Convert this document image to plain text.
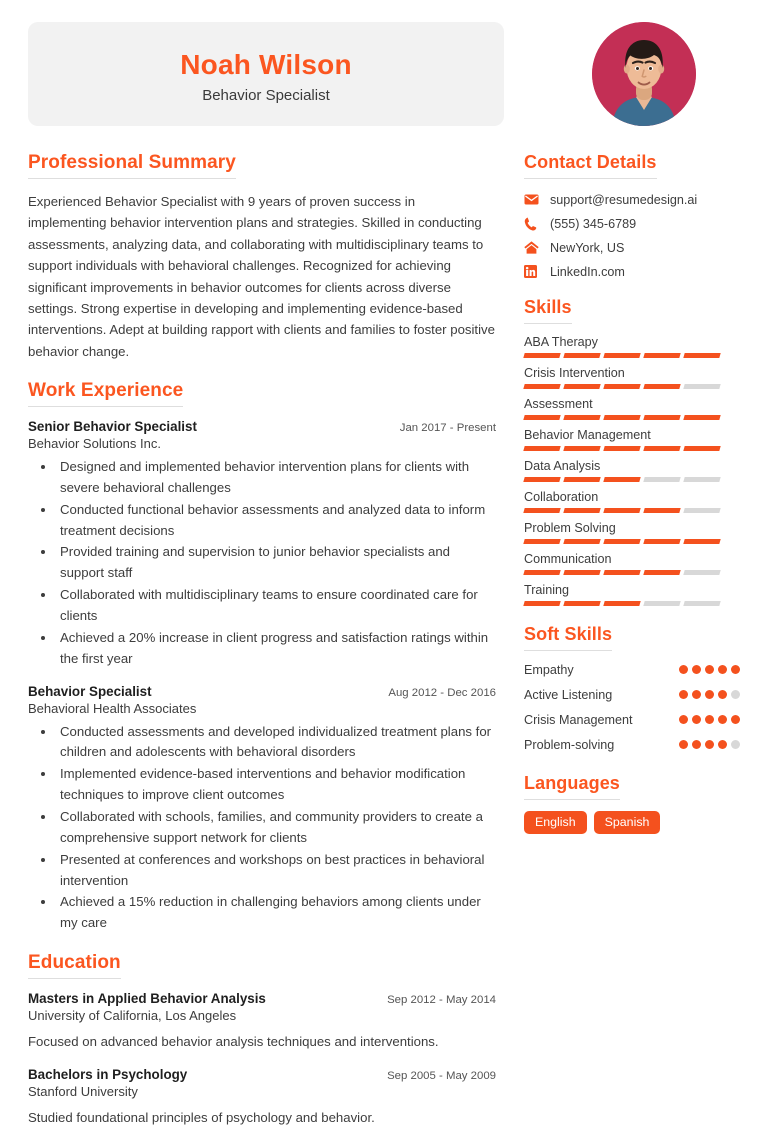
Noah Wilson
Behavior Specialist
Professional Summary
Experienced Behavior Specialist with 9 years of proven success in implementing behavior intervention plans and strategies. Skilled in conducting assessments, analyzing data, and collaborating with multidisciplinary teams to support individuals with behavioral challenges. Recognized for achieving significant improvements in behavior outcomes for clients across diverse settings. Strong expertise in developing and implementing evidence-based interventions. Adept at building rapport with clients and families to foster positive behavior change.
Work Experience
Senior Behavior Specialist	Jan 2017 - Present
Behavior Solutions Inc.
• Designed and implemented behavior intervention plans for clients with severe behavioral challenges
• Conducted functional behavior assessments and analyzed data to inform treatment decisions
• Provided training and supervision to junior behavior specialists and support staff
• Collaborated with multidisciplinary teams to ensure coordinated care for clients
• Achieved a 20% increase in client progress and satisfaction ratings within the first year
Behavior Specialist	Aug 2012 - Dec 2016
Behavioral Health Associates
• Conducted assessments and developed individualized treatment plans for children and adolescents with behavioral disorders
• Implemented evidence-based interventions and behavior modification techniques to improve client outcomes
• Collaborated with schools, families, and community providers to create a comprehensive support network for clients
• Presented at conferences and workshops on best practices in behavioral intervention
• Achieved a 15% reduction in challenging behaviors among clients under my care
Education
Masters in Applied Behavior Analysis	Sep 2012 - May 2014
University of California, Los Angeles
Focused on advanced behavior analysis techniques and interventions.
Bachelors in Psychology	Sep 2005 - May 2009
Stanford University
Studied foundational principles of psychology and behavior.
Contact Details
support@resumedesign.ai
(555) 345-6789
NewYork, US
LinkedIn.com
Skills
ABA Therapy
Crisis Intervention
Assessment
Behavior Management
Data Analysis
Collaboration
Problem Solving
Communication
Training
Soft Skills
Empathy
Active Listening
Crisis Management
Problem-solving
Languages
English	Spanish
